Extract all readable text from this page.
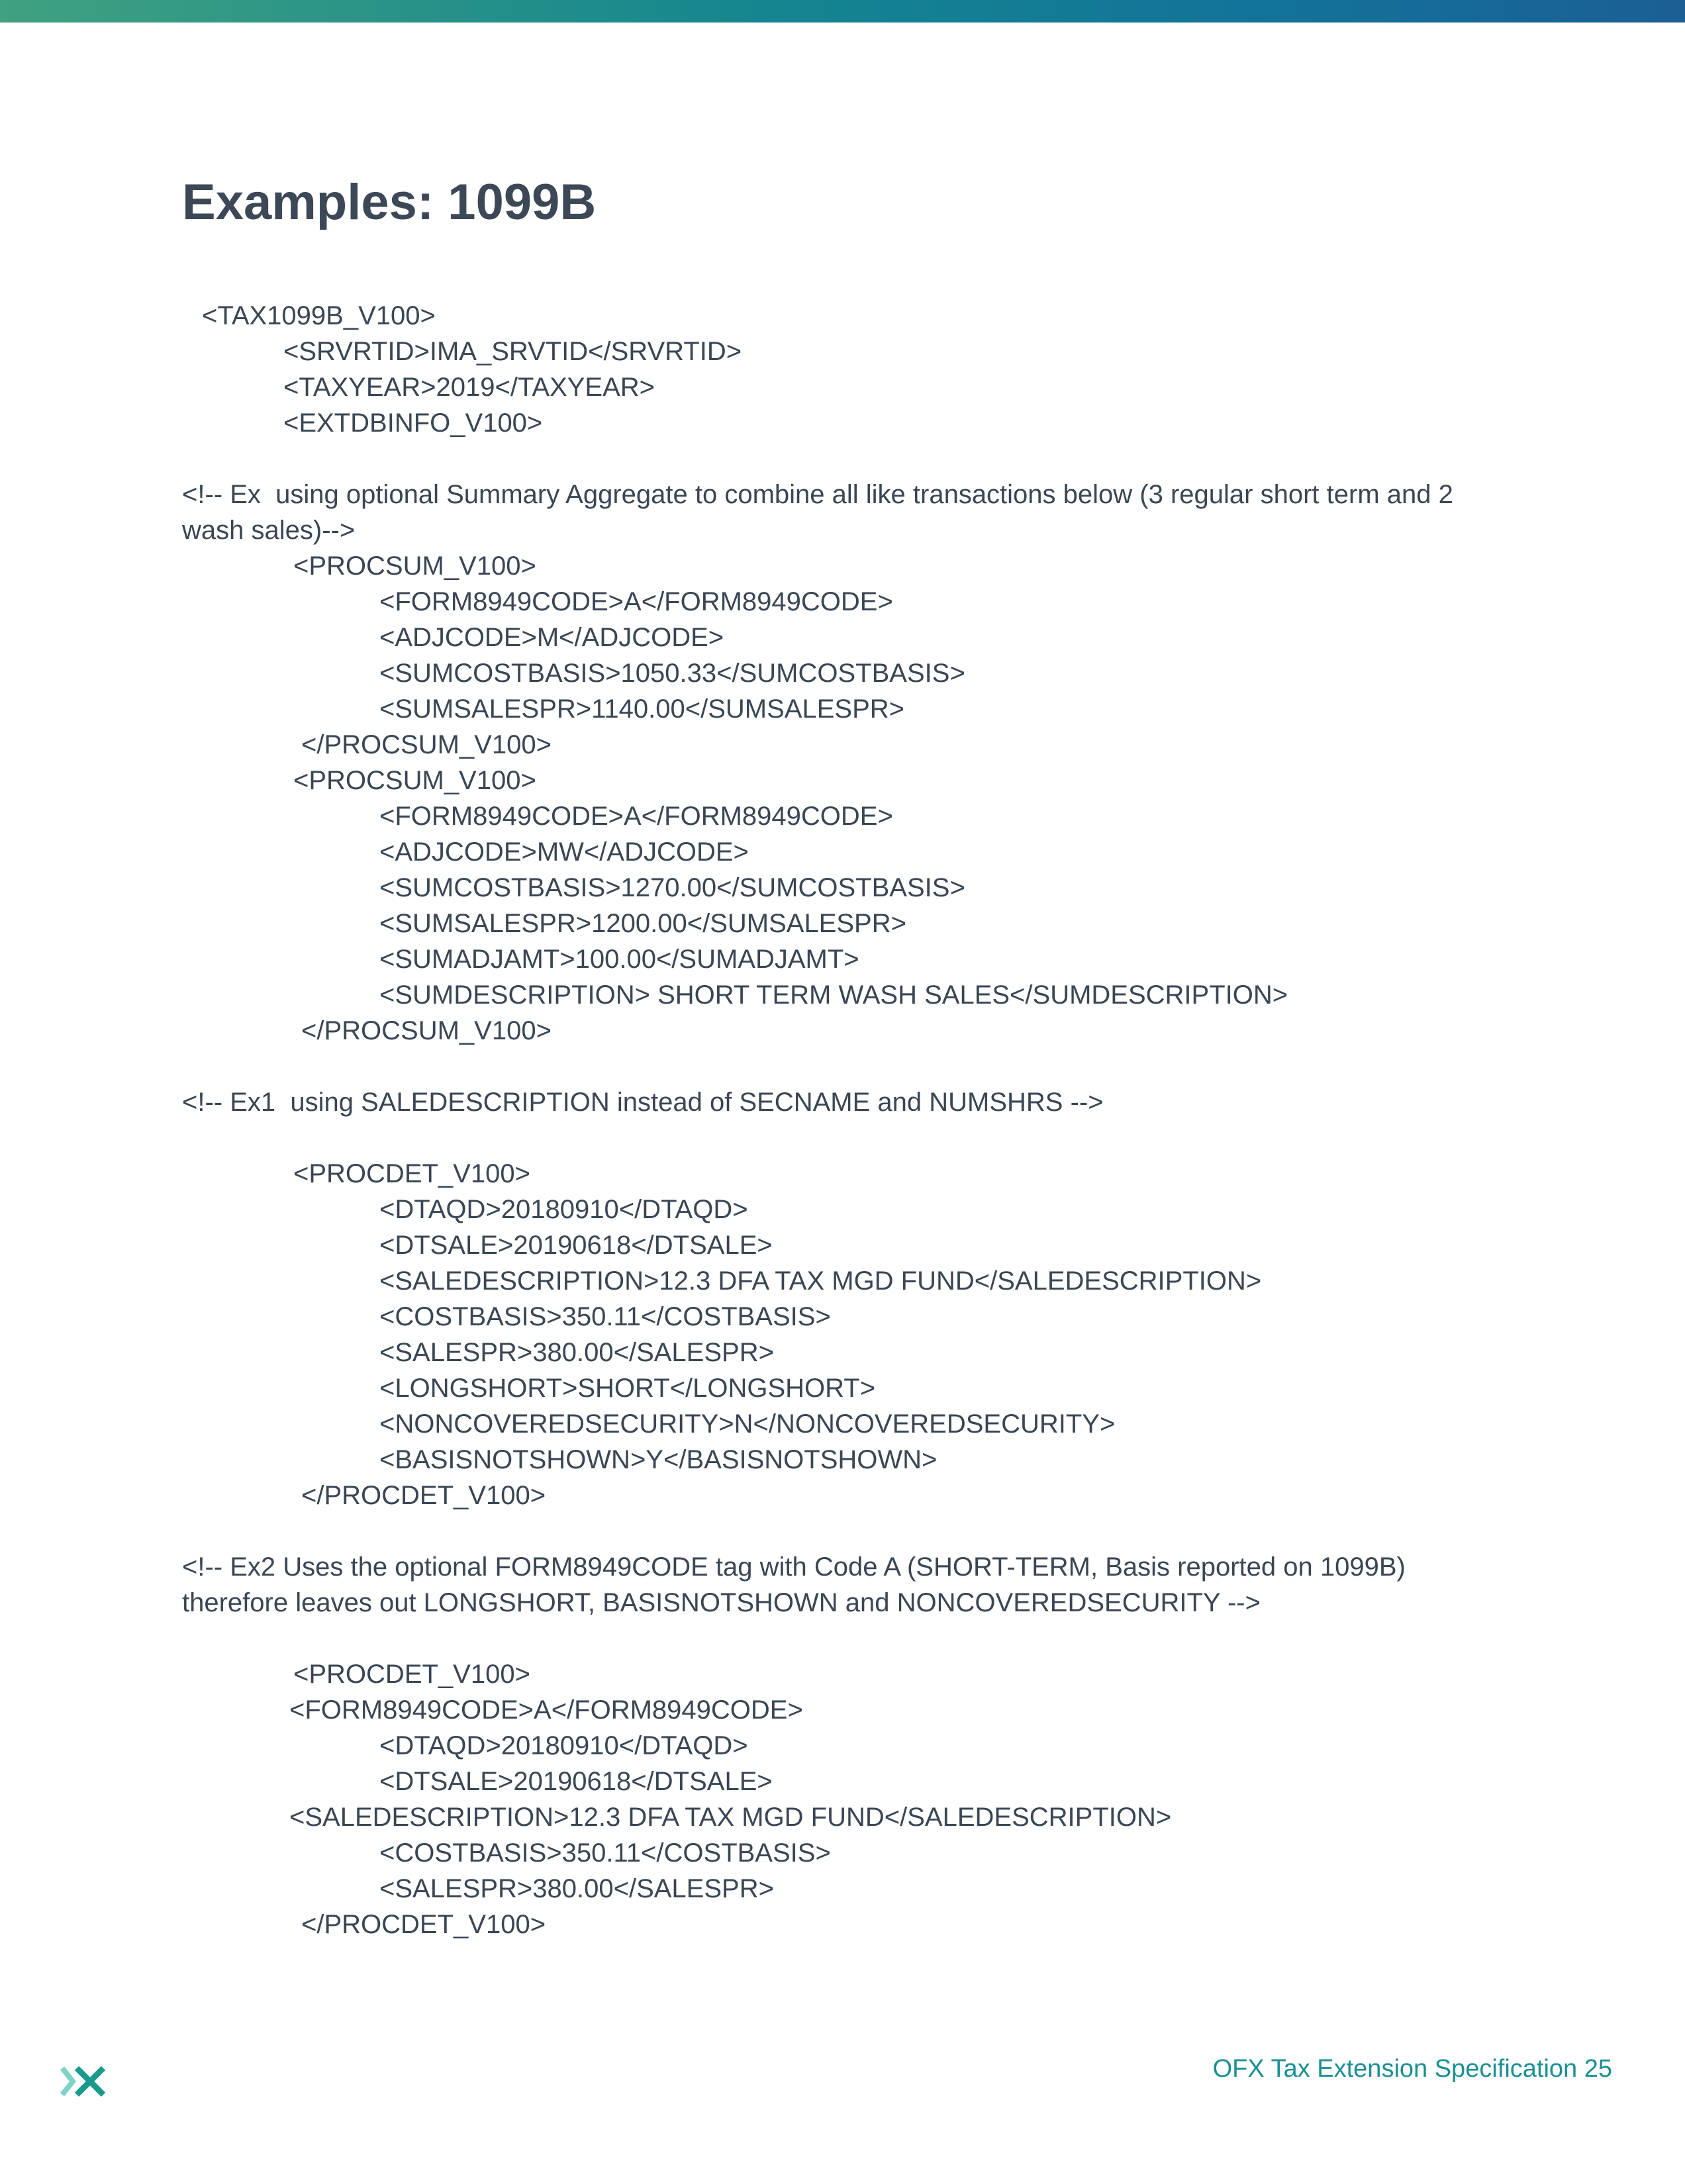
Examples: 1099B
<TAX1099B_V100>
<SRVRTID>IMA_SRVTID</SRVRTID>
<TAXYEAR>2019</TAXYEAR>
<EXTDBINFO_V100>
<!-- Ex  using optional Summary Aggregate to combine all like transactions below (3 regular short term and 2
wash sales)-->
<PROCSUM_V100>
<FORM8949CODE>A</FORM8949CODE>
<ADJCODE>M</ADJCODE>
<SUMCOSTBASIS>1050.33</SUMCOSTBASIS>
<SUMSALESPR>1140.00</SUMSALESPR>
</PROCSUM_V100>
<PROCSUM_V100>
<FORM8949CODE>A</FORM8949CODE>
<ADJCODE>MW</ADJCODE>
<SUMCOSTBASIS>1270.00</SUMCOSTBASIS>
<SUMSALESPR>1200.00</SUMSALESPR>
<SUMADJAMT>100.00</SUMADJAMT>
<SUMDESCRIPTION> SHORT TERM WASH SALES</SUMDESCRIPTION>
</PROCSUM_V100>
<!-- Ex1  using SALEDESCRIPTION instead of SECNAME and NUMSHRS -->
<PROCDET_V100>
<DTAQD>20180910</DTAQD>
<DTSALE>20190618</DTSALE>
<SALEDESCRIPTION>12.3 DFA TAX MGD FUND</SALEDESCRIPTION>
<COSTBASIS>350.11</COSTBASIS>
<SALESPR>380.00</SALESPR>
<LONGSHORT>SHORT</LONGSHORT>
<NONCOVEREDSECURITY>N</NONCOVEREDSECURITY>
<BASISNOTSHOWN>Y</BASISNOTSHOWN>
</PROCDET_V100>
<!-- Ex2 Uses the optional FORM8949CODE tag with Code A (SHORT-TERM, Basis reported on 1099B)
therefore leaves out LONGSHORT, BASISNOTSHOWN and NONCOVEREDSECURITY -->
<PROCDET_V100>
<FORM8949CODE>A</FORM8949CODE>
<DTAQD>20180910</DTAQD>
<DTSALE>20190618</DTSALE>
<SALEDESCRIPTION>12.3 DFA TAX MGD FUND</SALEDESCRIPTION>
<COSTBASIS>350.11</COSTBASIS>
<SALESPR>380.00</SALESPR>
</PROCDET_V100>
OFX Tax Extension Specification 25
